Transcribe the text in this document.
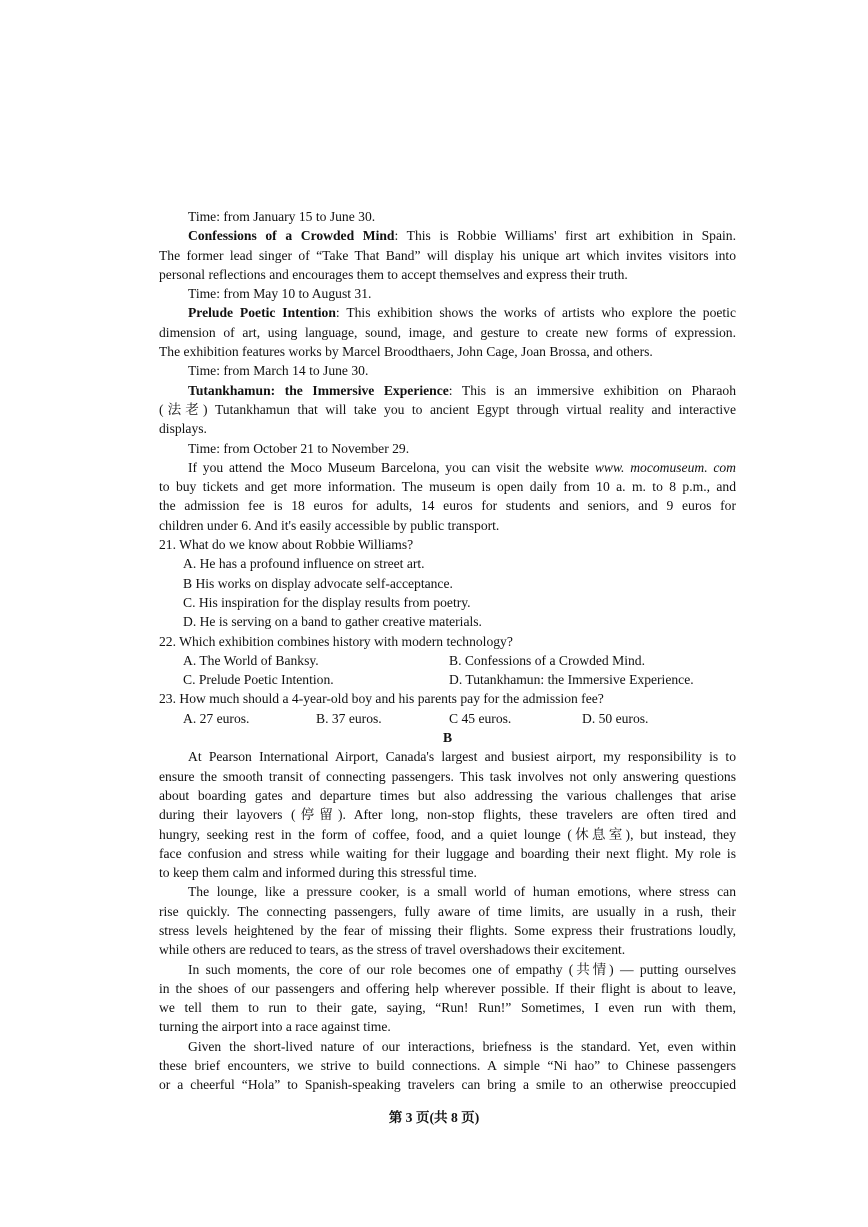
Time: from January 15 to June 30.
Confessions of a Crowded Mind: This is Robbie Williams' first art exhibition in Spain.
The former lead singer of “Take That Band” will display his unique art which invites visitors into
personal reflections and encourages them to accept themselves and express their truth.
Time: from May 10 to August 31.
Prelude Poetic Intention: This exhibition shows the works of artists who explore the poetic
dimension of art, using language, sound, image, and gesture to create new forms of expression.
The exhibition features works by Marcel Broodthaers, John Cage, Joan Brossa, and others.
Time: from March 14 to June 30.
Tutankhamun: the Immersive Experience: This is an immersive exhibition on Pharaoh
(法老) Tutankhamun that will take you to ancient Egypt through virtual reality and interactive
displays.
Time: from October 21 to November 29.
If you attend the Moco Museum Barcelona, you can visit the website www. mocomuseum. com
to buy tickets and get more information. The museum is open daily from 10 a. m. to 8 p.m., and
the admission fee is 18 euros for adults, 14 euros for students and seniors, and 9 euros for
children under 6. And it's easily accessible by public transport.
21. What do we know about Robbie Williams?
A. He has a profound influence on street art.
B His works on display advocate self-acceptance.
C. His inspiration for the display results from poetry.
D. He is serving on a band to gather creative materials.
22. Which exhibition combines history with modern technology?
A. The World of Banksy.	B. Confessions of a Crowded Mind.
C. Prelude Poetic Intention.	D. Tutankhamun: the Immersive Experience.
23. How much should a 4-year-old boy and his parents pay for the admission fee?
A. 27 euros.	B. 37 euros.	C 45 euros.	D. 50 euros.
B
At Pearson International Airport, Canada's largest and busiest airport, my responsibility is to
ensure the smooth transit of connecting passengers. This task involves not only answering questions
about boarding gates and departure times but also addressing the various challenges that arise
during their layovers (停留). After long, non-stop flights, these travelers are often tired and
hungry, seeking rest in the form of coffee, food, and a quiet lounge (休息室), but instead, they
face confusion and stress while waiting for their luggage and boarding their next flight. My role is
to keep them calm and informed during this stressful time.
The lounge, like a pressure cooker, is a small world of human emotions, where stress can
rise quickly. The connecting passengers, fully aware of time limits, are usually in a rush, their
stress levels heightened by the fear of missing their flights. Some express their frustrations loudly,
while others are reduced to tears, as the stress of travel overshadows their excitement.
In such moments, the core of our role becomes one of empathy (共情) — putting ourselves
in the shoes of our passengers and offering help wherever possible. If their flight is about to leave,
we tell them to run to their gate, saying, “Run! Run!” Sometimes, I even run with them,
turning the airport into a race against time.
Given the short-lived nature of our interactions, briefness is the standard. Yet, even within
these brief encounters, we strive to build connections. A simple “Ni hao” to Chinese passengers
or a cheerful “Hola” to Spanish-speaking travelers can bring a smile to an otherwise preoccupied
第 3 页(共 8 页)
